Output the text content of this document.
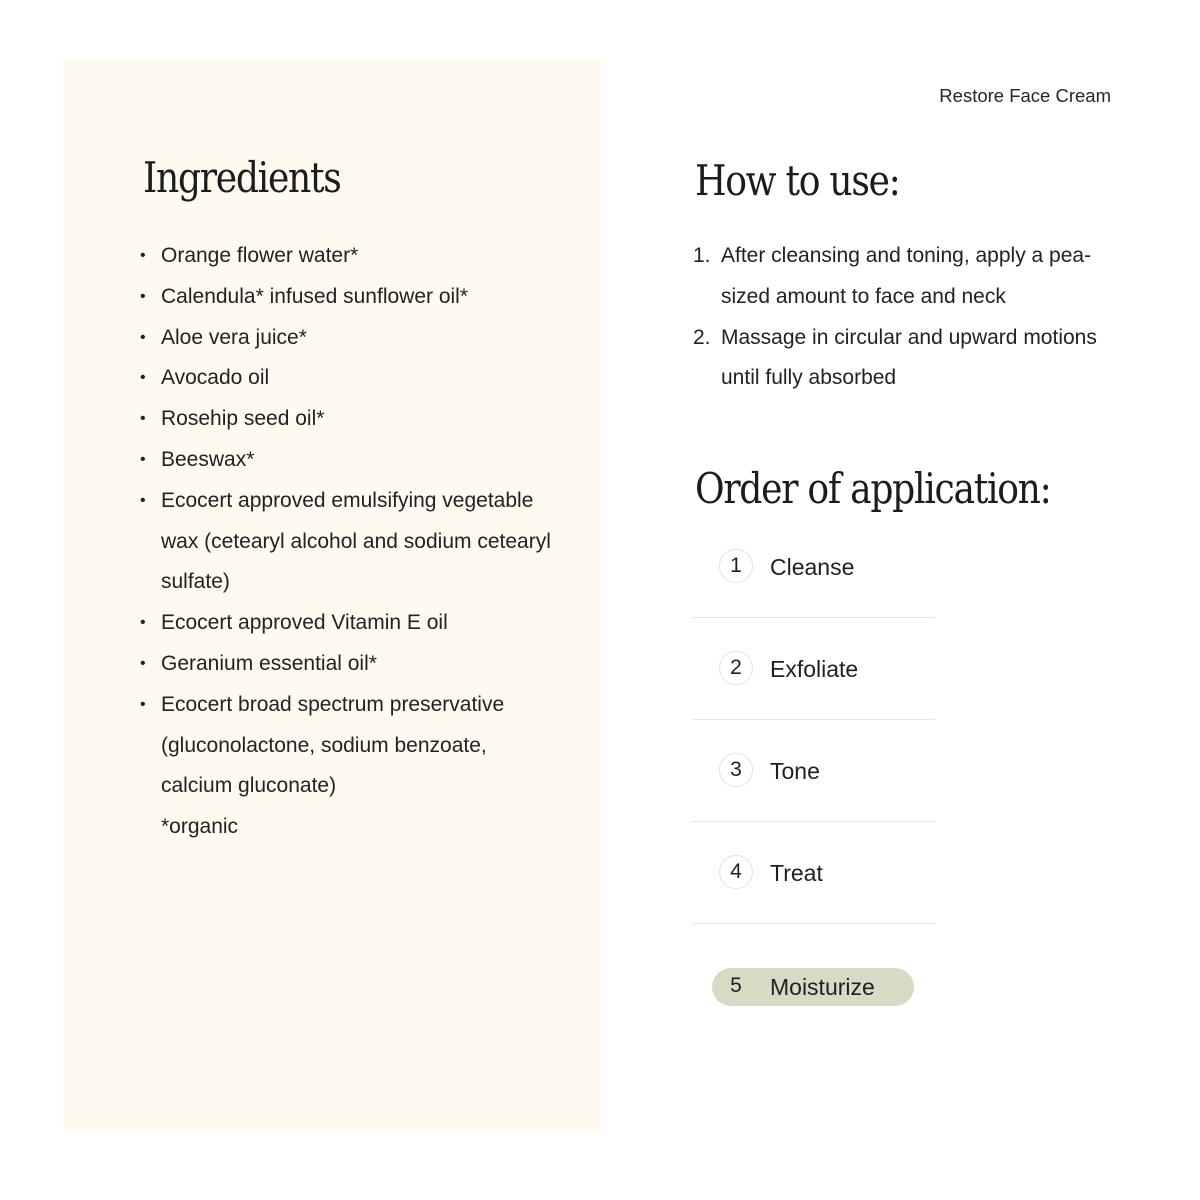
Ingredients
• Orange flower water*
• Calendula* infused sunflower oil*
• Aloe vera juice*
• Avocado oil
• Rosehip seed oil*
• Beeswax*
• Ecocert approved emulsifying vegetable wax (cetearyl alcohol and sodium cetearyl sulfate)
• Ecocert approved Vitamin E oil
• Geranium essential oil*
• Ecocert broad spectrum preservative (gluconolactone, sodium benzoate, calcium gluconate)
*organic
Restore Face Cream
How to use:
1. After cleansing and toning, apply a pea-sized amount to face and neck
2. Massage in circular and upward motions until fully absorbed
Order of application:
1	Cleanse
2	Exfoliate
3	Tone
4	Treat
5	Moisturize
